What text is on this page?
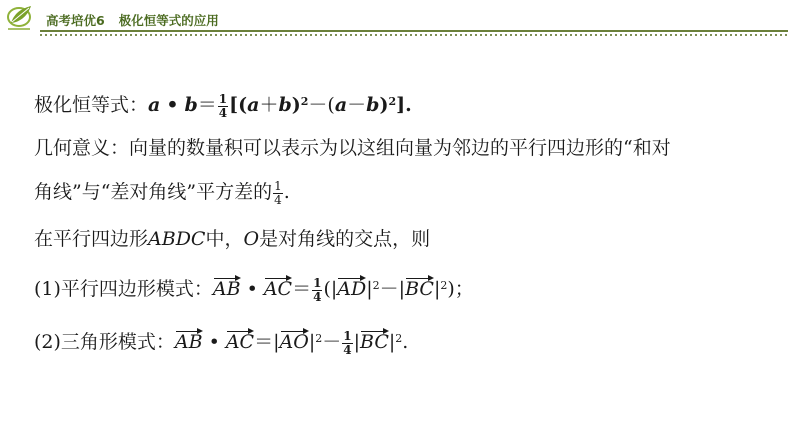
高考培优6 极化恒等式的应用
极化恒等式：a • $b= \frac{1}{4} [(a+b)^2-(a-b)^2]$.
几何意义：向量的数量积可以表示为以这组向量为邻边的平行四边形的“和对
角线”与“差对角线”平方差的 $\frac{1}{4}$ .
在平行四边形ABDC中，O是对角线的交点，则
(1)平行四边形模式：AB • $AC= \frac{1}{4} (|AD|^2-|BC|^2)$；
(2)三角形模式：AB • $AC=|AO|^2- \frac{1}{4} |BC|^2$.
